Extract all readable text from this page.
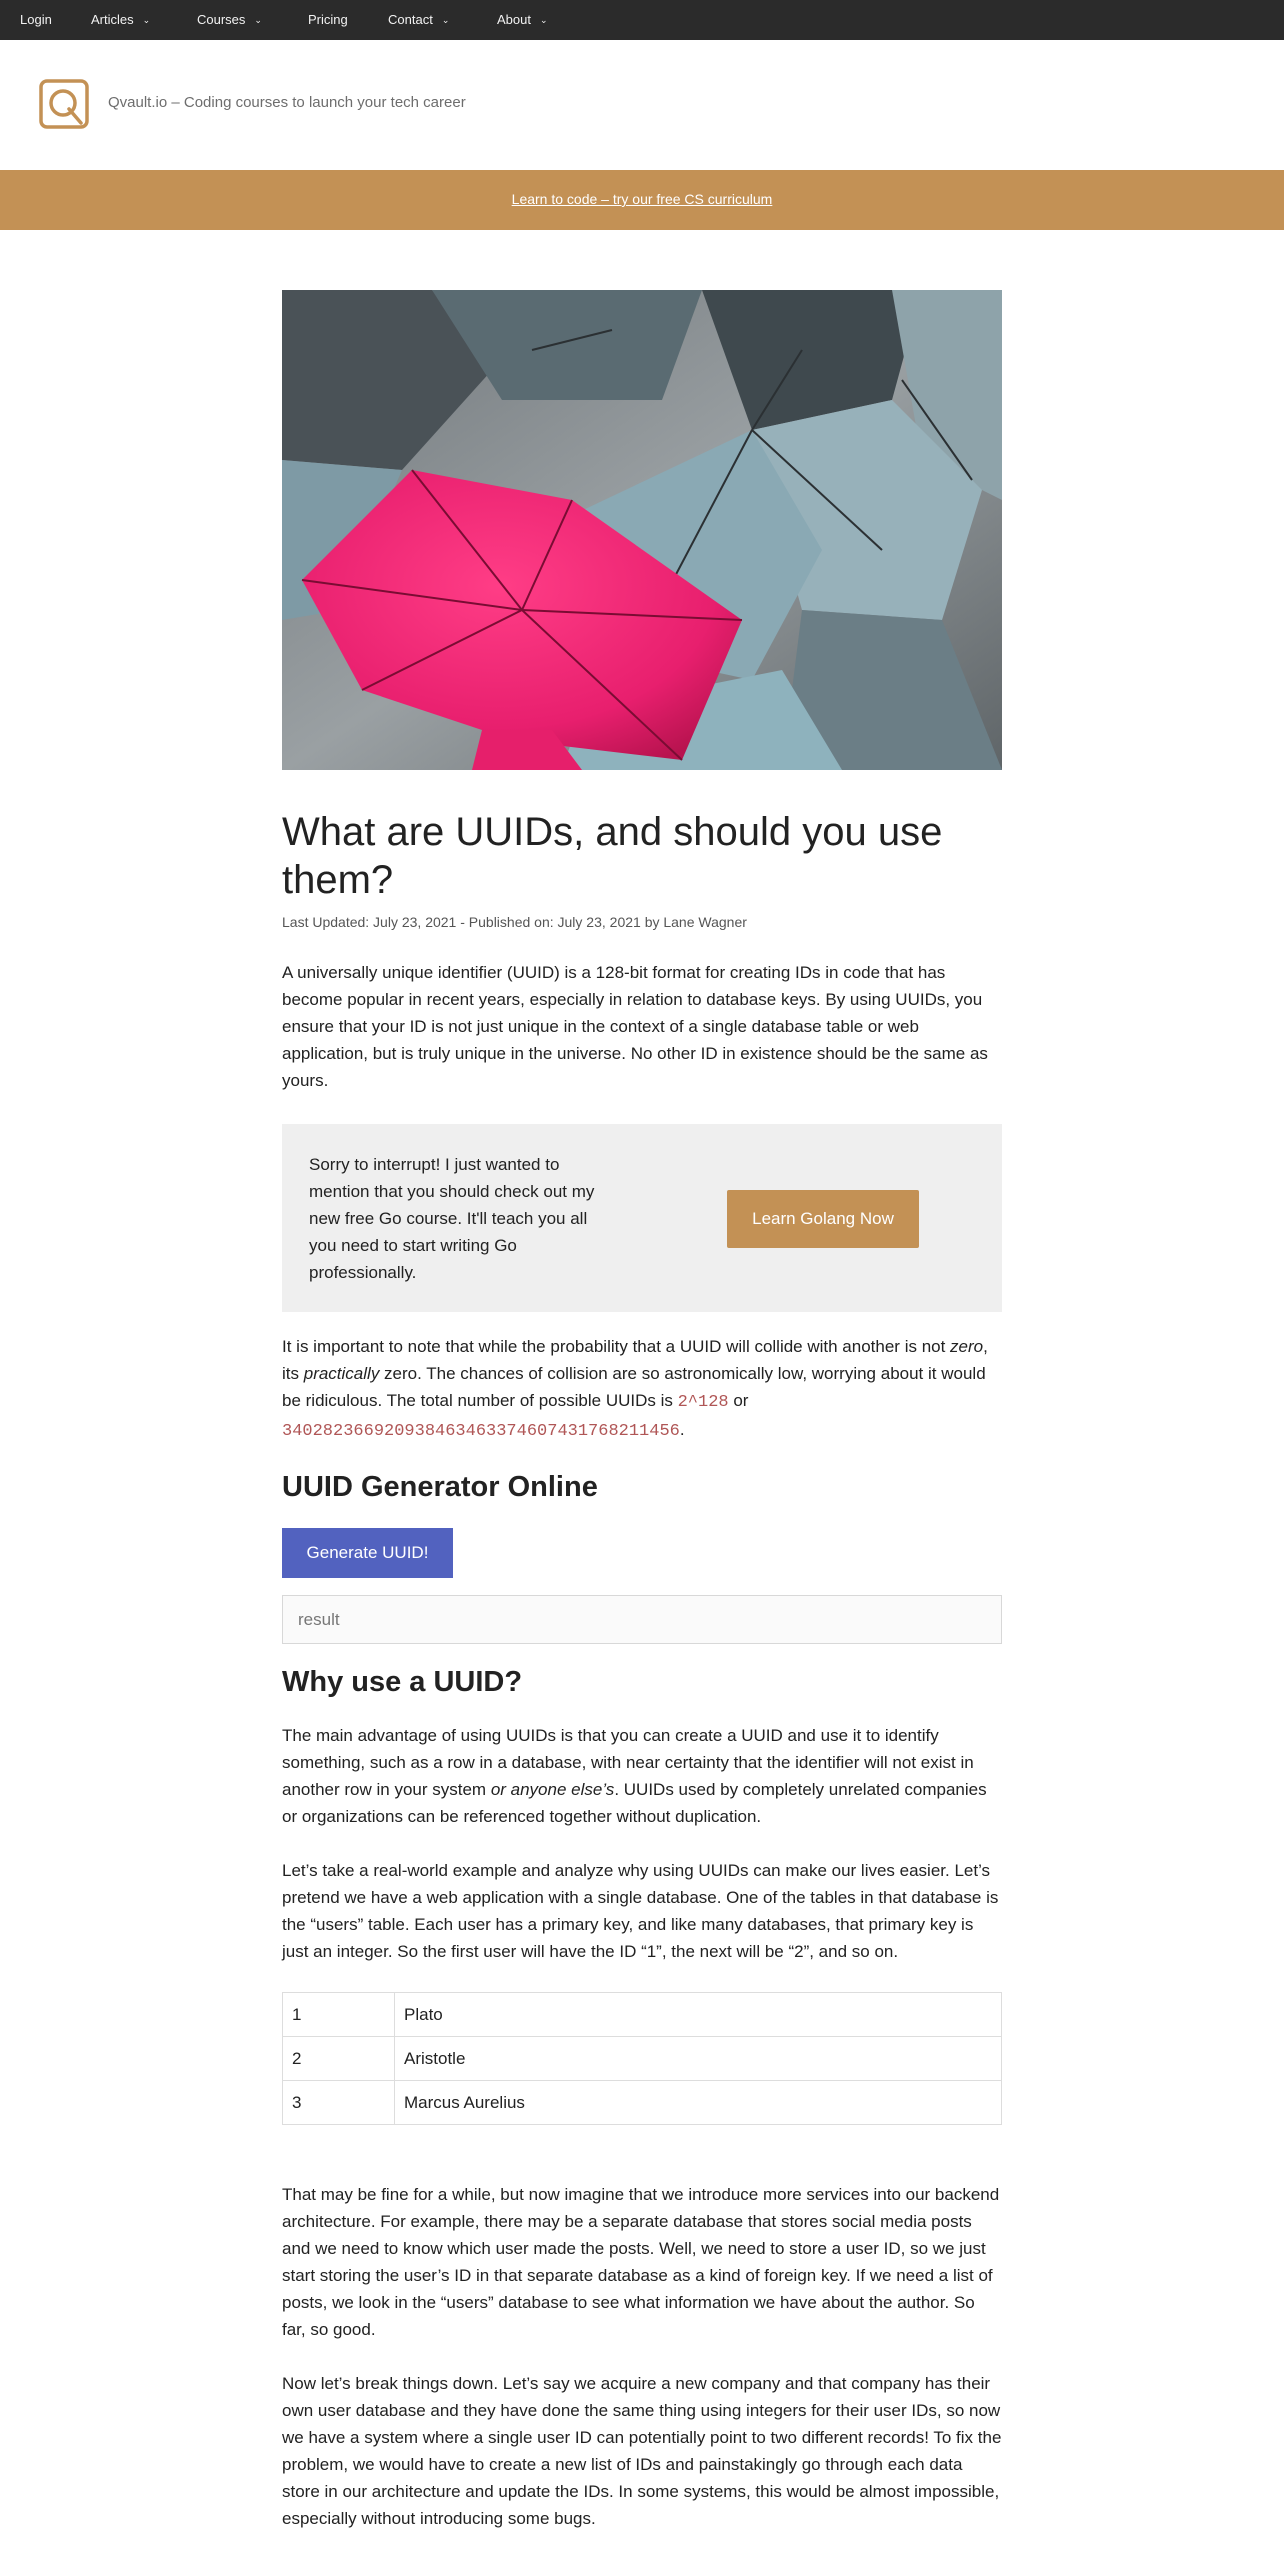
Login	Articles ⌄	Courses ⌄	Pricing	Contact ⌄	About ⌄
Qvault.io – Coding courses to launch your tech career
Learn to code – try our free CS curriculum
What are UUIDs, and should you use them?
Last Updated: July 23, 2021 - Published on: July 23, 2021 by Lane Wagner

A universally unique identifier (UUID) is a 128-bit format for creating IDs in code that has become popular in recent years, especially in relation to database keys. By using UUIDs, you ensure that your ID is not just unique in the context of a single database table or web application, but is truly unique in the universe. No other ID in existence should be the same as yours.

Sorry to interrupt! I just wanted to mention that you should check out my new free Go course. It'll teach you all you need to start writing Go professionally.
Learn Golang Now

It is important to note that while the probability that a UUID will collide with another is not zero, its practically zero. The chances of collision are so astronomically low, worrying about it would be ridiculous. The total number of possible UUIDs is 2^128 or 340282366920938463463374607431768211456.

UUID Generator Online
Generate UUID!
result
Why use a UUID?

The main advantage of using UUIDs is that you can create a UUID and use it to identify something, such as a row in a database, with near certainty that the identifier will not exist in another row in your system or anyone else’s. UUIDs used by completely unrelated companies or organizations can be referenced together without duplication.

Let’s take a real-world example and analyze why using UUIDs can make our lives easier. Let’s pretend we have a web application with a single database. One of the tables in that database is the “users” table. Each user has a primary key, and like many databases, that primary key is just an integer. So the first user will have the ID “1”, the next will be “2”, and so on.

1	Plato
2	Aristotle
3	Marcus Aurelius

That may be fine for a while, but now imagine that we introduce more services into our backend architecture. For example, there may be a separate database that stores social media posts and we need to know which user made the posts. Well, we need to store a user ID, so we just start storing the user’s ID in that separate database as a kind of foreign key. If we need a list of posts, we look in the “users” database to see what information we have about the author. So far, so good.

Now let’s break things down. Let’s say we acquire a new company and that company has their own user database and they have done the same thing using integers for their user IDs, so now we have a system where a single user ID can potentially point to two different records! To fix the problem, we would have to create a new list of IDs and painstakingly go through each data store in our architecture and update the IDs. In some systems, this would be almost impossible, especially without introducing some bugs.
